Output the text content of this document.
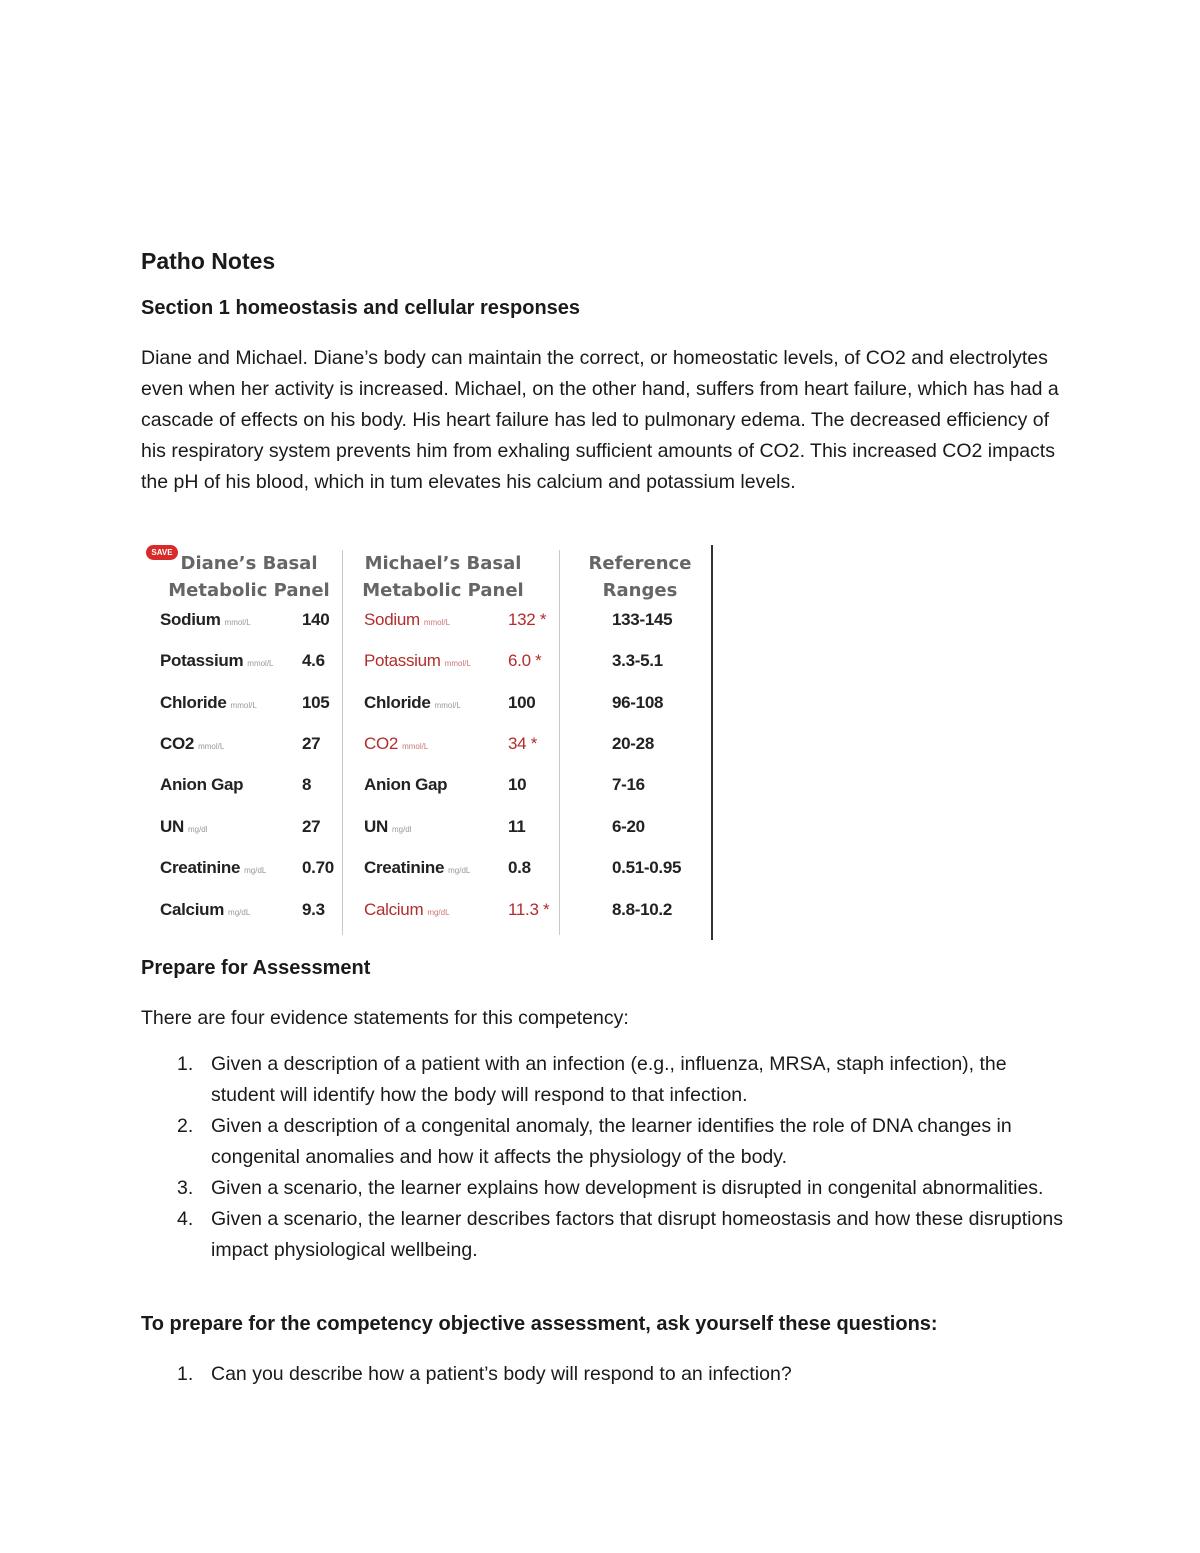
Patho Notes
Section 1 homeostasis and cellular responses

Diane and Michael. Diane’s body can maintain the correct, or homeostatic levels, of CO2 and electrolytes even when her activity is increased. Michael, on the other hand, suffers from heart failure, which has had a cascade of effects on his body. His heart failure has led to pulmonary edema. The decreased efficiency of his respiratory system prevents him from exhaling sufficient amounts of CO2. This increased CO2 impacts the pH of his blood, which in tum elevates his calcium and potassium levels.

SAVE

Diane’s Basal
Metabolic Panel

Michael’s Basal
Metabolic Panel

Reference
Ranges

Sodium mmol/L	140 Sodium mmol/L	132 *	133-145
Potassium mmol/L 4.6 Potassium mmol/L 6.0 *	3.3-5.1
Chloride mmol/L	105 Chloride mmol/L	100	96-108
CO2 mmol/L	27	CO2 mmol/L	34 *	20-28
Anion Gap	8	Anion Gap	10	7-16
UN mg/dl	27	UN mg/dl	11	6-20
Creatinine mg/dL 0.70 Creatinine mg/dL 0.8	0.51-0.95
Calcium mg/dL	9.3 Calcium mg/dL	11.3 *	8.8-10.2
Prepare for Assessment

There are four evidence statements for this competency:

1. Given a description of a patient with an infection (e.g., influenza, MRSA, staph infection), the student will identify how the body will respond to that infection.
2. Given a description of a congenital anomaly, the learner identifies the role of DNA changes in congenital anomalies and how it affects the physiology of the body.
3. Given a scenario, the learner explains how development is disrupted in congenital abnormalities.
4. Given a scenario, the learner describes factors that disrupt homeostasis and how these disruptions impact physiological wellbeing.
To prepare for the competency objective assessment, ask yourself these questions:
1. Can you describe how a patient’s body will respond to an infection?
